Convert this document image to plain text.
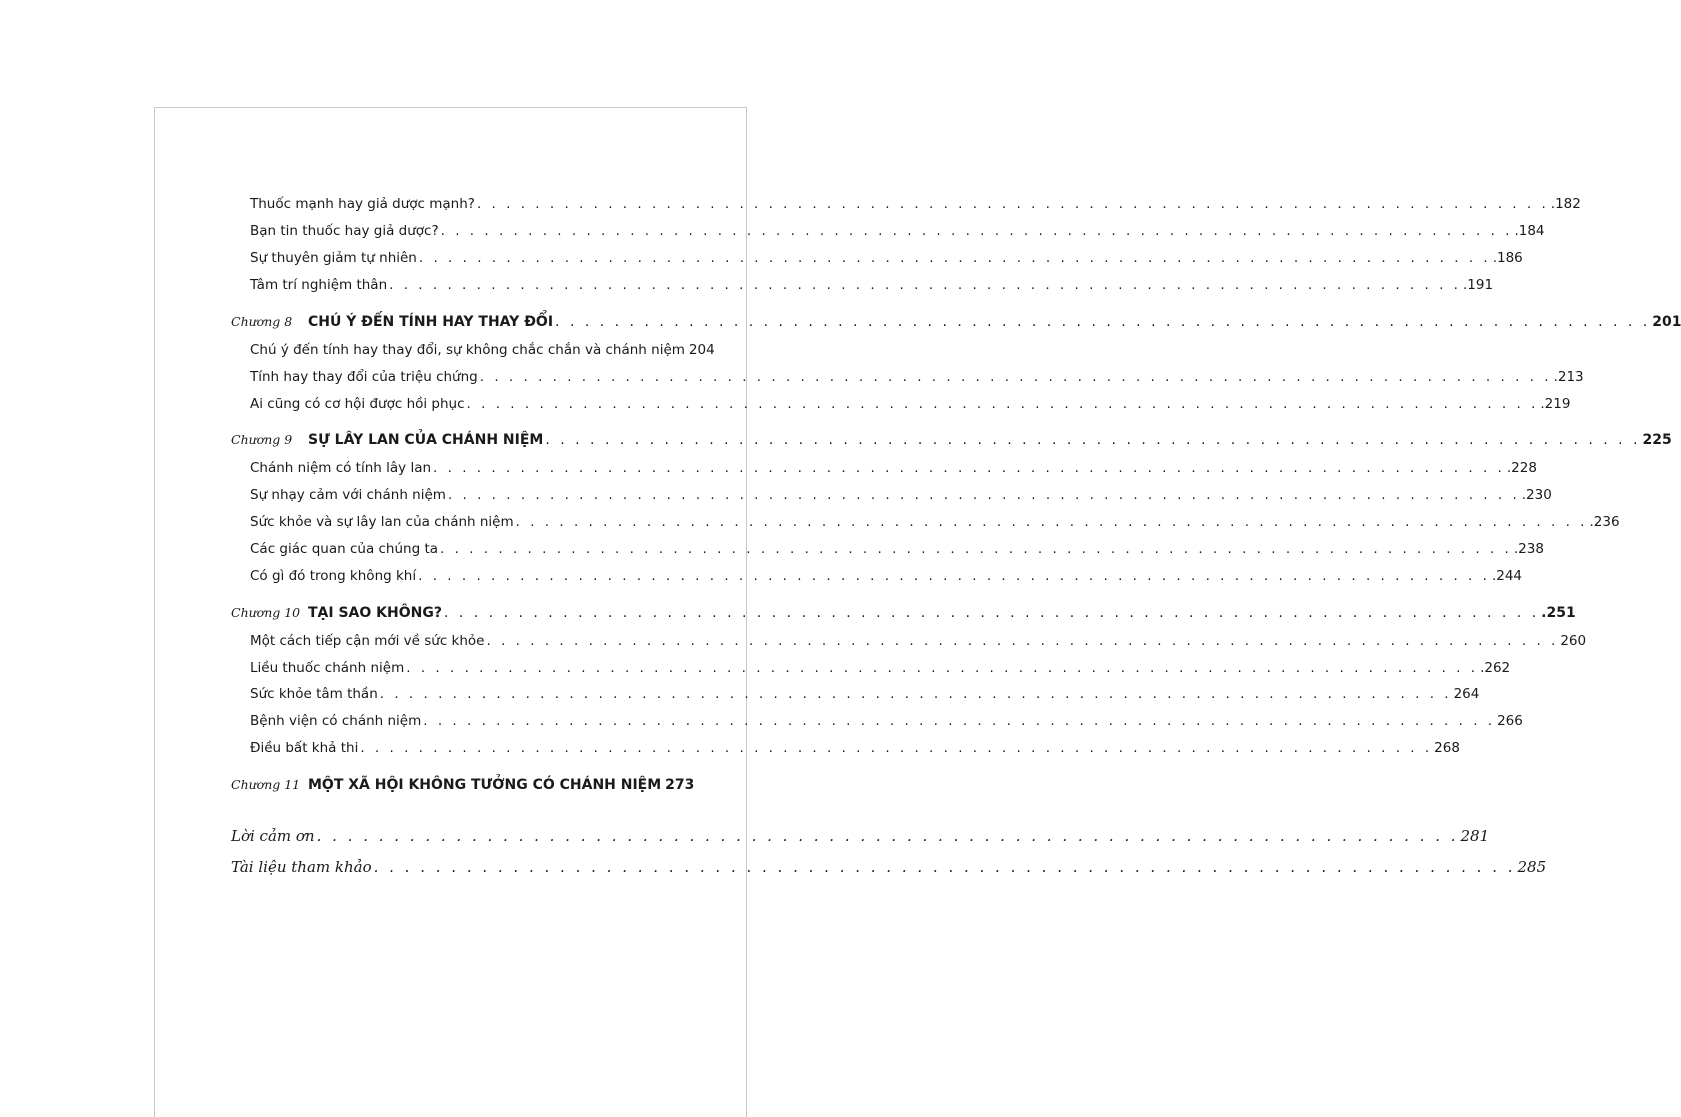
Thuốc mạnh hay giả dược mạnh? . . .	.182
Bạn tin thuốc hay giả dược? . . .	.184
Sự thuyên giảm tự nhiên . . .	.186
Tâm trí nghiệm thân . . .	.191
Chương 8	CHÚ Ý ĐẾN TÍNH HAY THAY ĐỔI . . .	201
Chú ý đến tính hay thay đổi, sự không chắc chắn và chánh niệm 204
Tính hay thay đổi của triệu chứng . . .	.213
Ai cũng có cơ hội được hồi phục . . .	.219
Chương 9	SỰ LÂY LAN CỦA CHÁNH NIỆM . . .	225
Chánh niệm có tính lây lan . . .	.228
Sự nhạy cảm với chánh niệm . . .	.230
Sức khỏe và sự lây lan của chánh niệm . . .	.236
Các giác quan của chúng ta . . .	.238
Có gì đó trong không khí . . .	.244
Chương 10 TẠI SAO KHÔNG? . . .	.251
Một cách tiếp cận mới về sức khỏe . . .	260
Liều thuốc chánh niệm . . .	.262
Sức khỏe tâm thần . . .	264
Bệnh viện có chánh niệm . . .	266
Điều bất khả thi . . .	268
Chương 11 MỘT XÃ HỘI KHÔNG TƯỞNG CÓ CHÁNH NIỆM 273
Lời cảm ơn . . .	281
Tài liệu tham khảo . . .	285
